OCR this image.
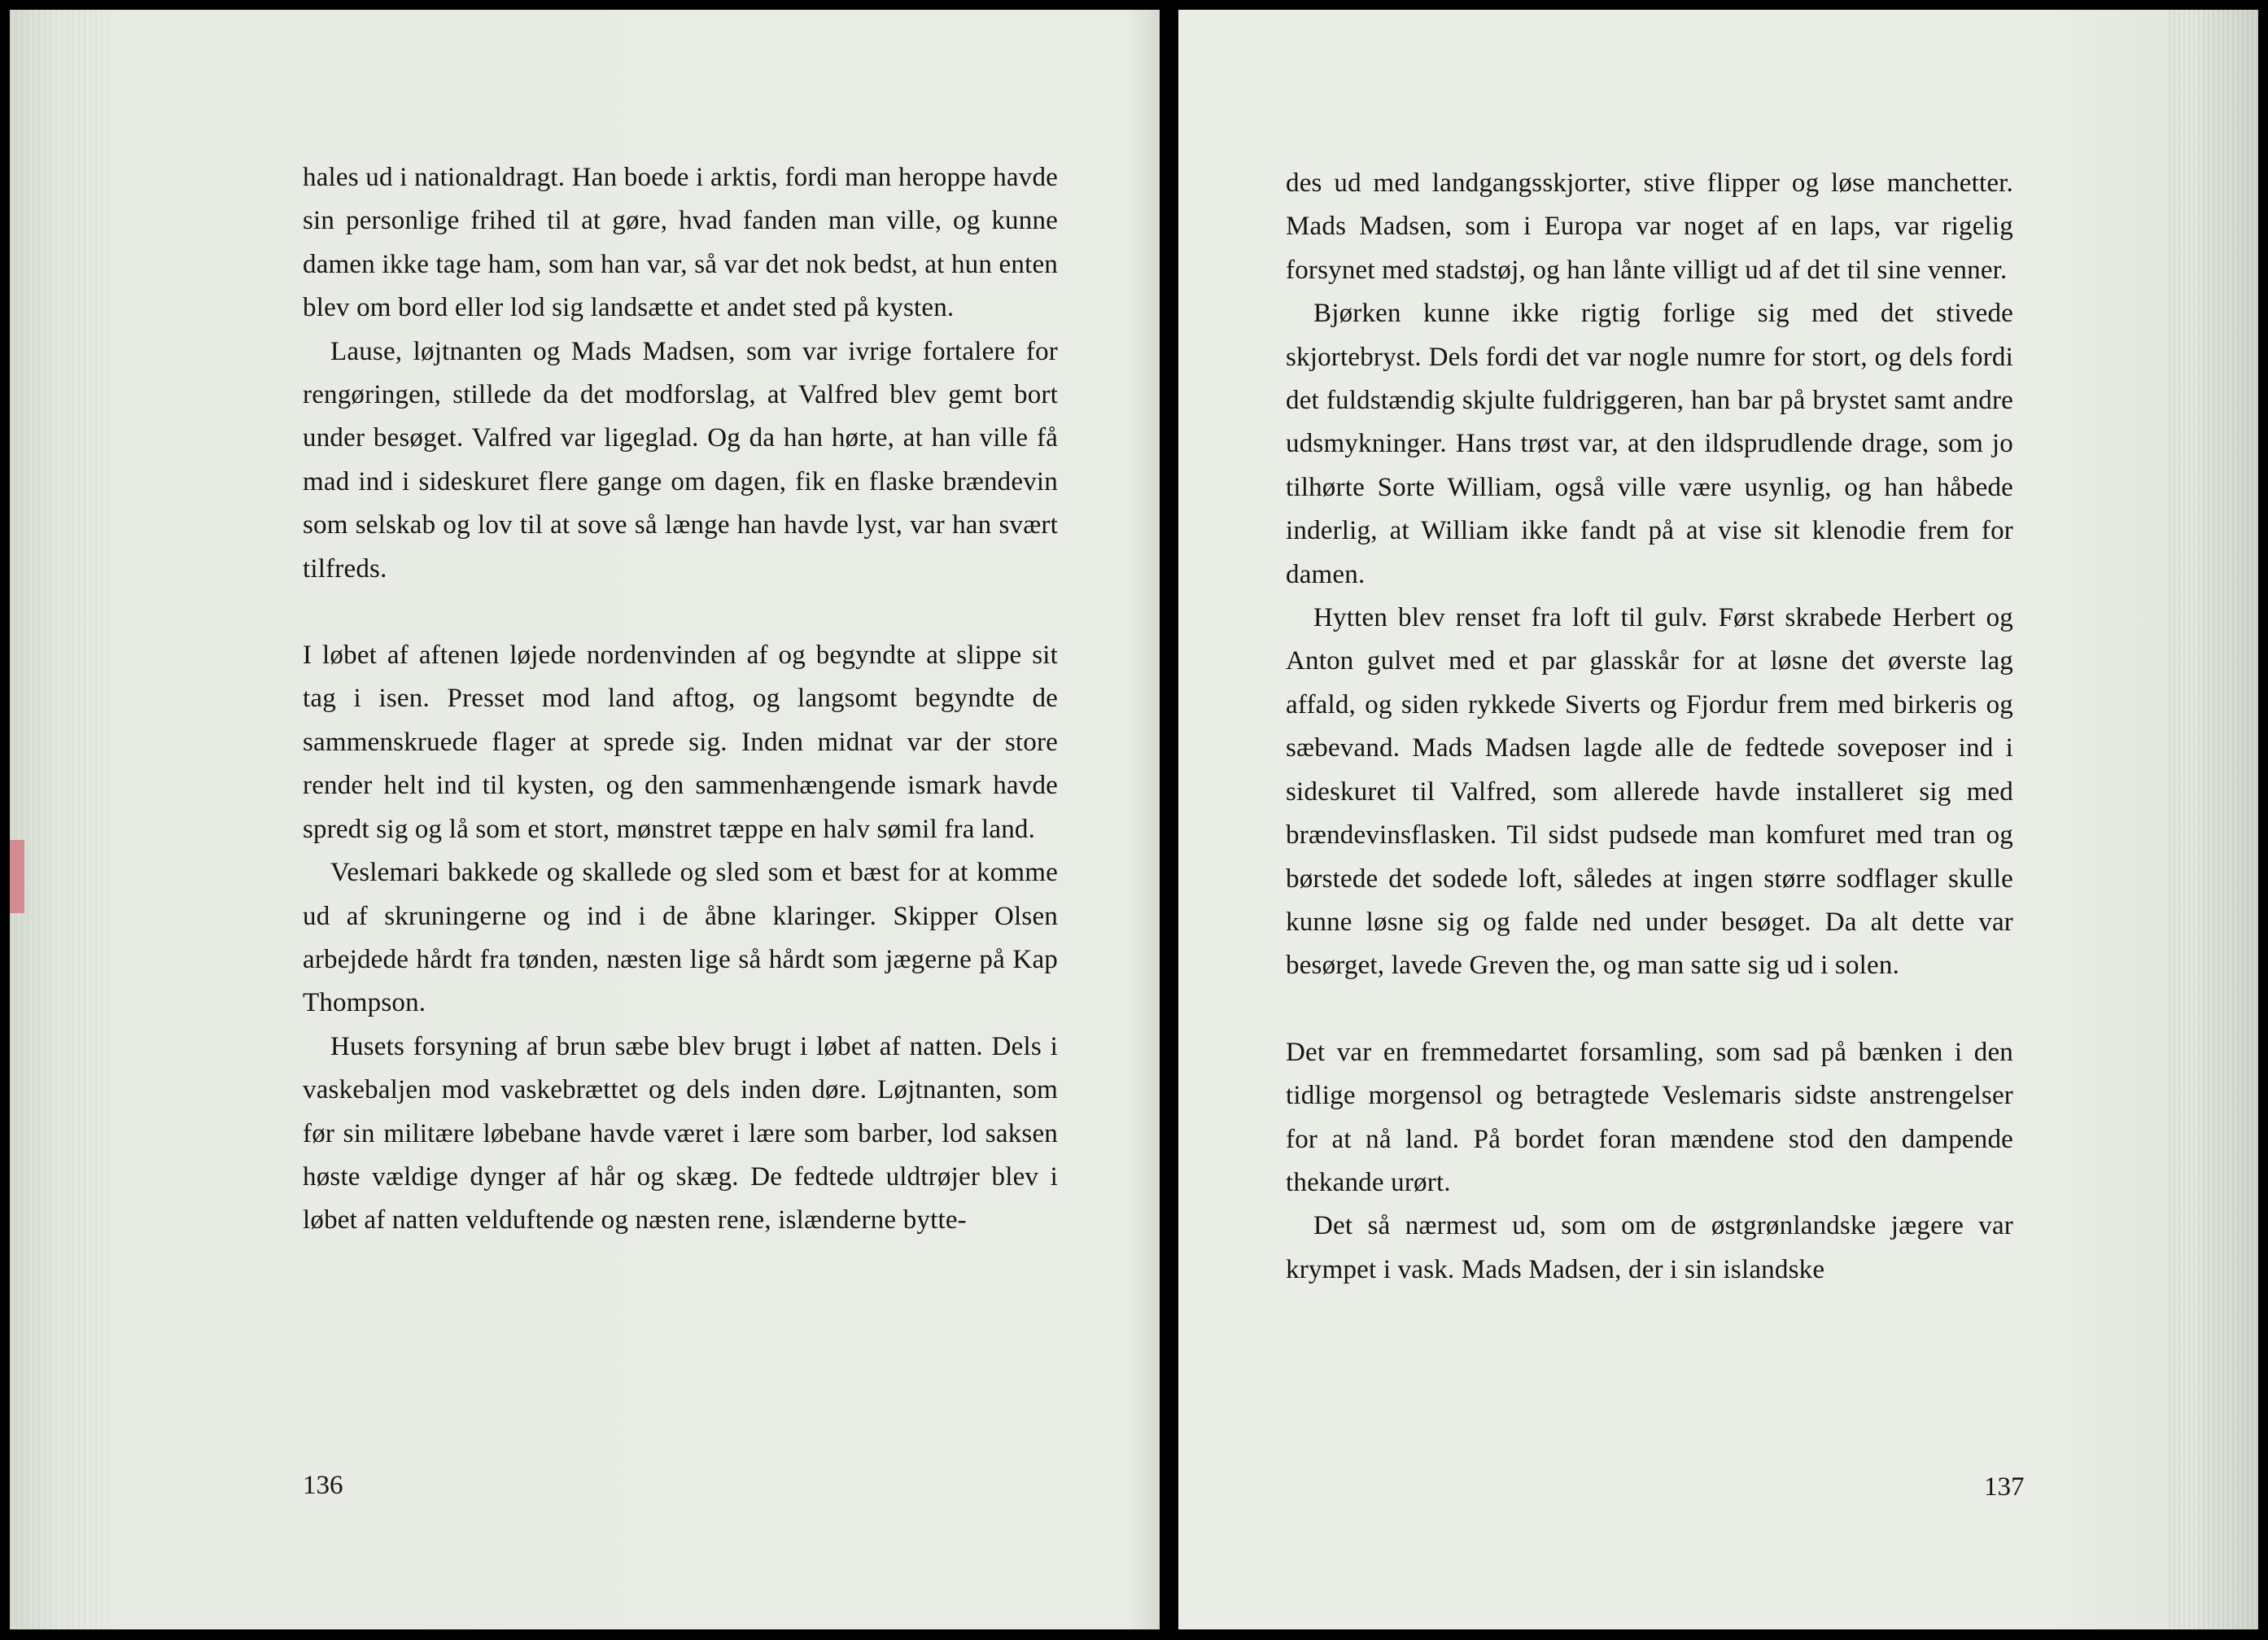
hales ud i nationaldragt. Han boede i arktis, fordi man heroppe havde sin personlige frihed til at gøre, hvad fanden man ville, og kunne damen ikke tage ham, som han var, så var det nok bedst, at hun enten blev om bord eller lod sig landsætte et andet sted på kysten.

Lause, løjtnanten og Mads Madsen, som var ivrige fortalere for rengøringen, stillede da det modforslag, at Valfred blev gemt bort under besøget. Valfred var ligeglad. Og da han hørte, at han ville få mad ind i sideskuret flere gange om dagen, fik en flaske brændevin som selskab og lov til at sove så længe han havde lyst, var han svært tilfreds.

I løbet af aftenen løjede nordenvinden af og begyndte at slippe sit tag i isen. Presset mod land aftog, og langsomt begyndte de sammenskruede flager at sprede sig. Inden midnat var der store render helt ind til kysten, og den sammenhængende ismark havde spredt sig og lå som et stort, mønstret tæppe en halv sømil fra land.

Veslemari bakkede og skallede og sled som et bæst for at komme ud af skruningerne og ind i de åbne klaringer. Skipper Olsen arbejdede hårdt fra tønden, næsten lige så hårdt som jægerne på Kap Thompson.

Husets forsyning af brun sæbe blev brugt i løbet af natten. Dels i vaskebaljen mod vaskebrættet og dels inden døre. Løjtnanten, som før sin militære løbebane havde været i lære som barber, lod saksen høste vældige dynger af hår og skæg. De fedtede uldtrøjer blev i løbet af natten velduftende og næsten rene, islænderne bytte-

136

des ud med landgangsskjorter, stive flipper og løse manchetter. Mads Madsen, som i Europa var noget af en laps, var rigelig forsynet med stadstøj, og han lånte villigt ud af det til sine venner.

Bjørken kunne ikke rigtig forlige sig med det stivede skjortebryst. Dels fordi det var nogle numre for stort, og dels fordi det fuldstændig skjulte fuldriggeren, han bar på brystet samt andre udsmykninger. Hans trøst var, at den ildsprudlende drage, som jo tilhørte Sorte William, også ville være usynlig, og han håbede inderlig, at William ikke fandt på at vise sit klenodie frem for damen.

Hytten blev renset fra loft til gulv. Først skrabede Herbert og Anton gulvet med et par glasskår for at løsne det øverste lag affald, og siden rykkede Siverts og Fjordur frem med birkeris og sæbevand. Mads Madsen lagde alle de fedtede soveposer ind i sideskuret til Valfred, som allerede havde installeret sig med brændevinsflasken. Til sidst pudsede man komfuret med tran og børstede det sodede loft, således at ingen større sodflager skulle kunne løsne sig og falde ned under besøget. Da alt dette var besørget, lavede Greven the, og man satte sig ud i solen.

Det var en fremmedartet forsamling, som sad på bænken i den tidlige morgensol og betragtede Veslemaris sidste anstrengelser for at nå land. På bordet foran mændene stod den dampende thekande urørt.

Det så nærmest ud, som om de østgrønlandske jægere var krympet i vask. Mads Madsen, der i sin islandske

137
